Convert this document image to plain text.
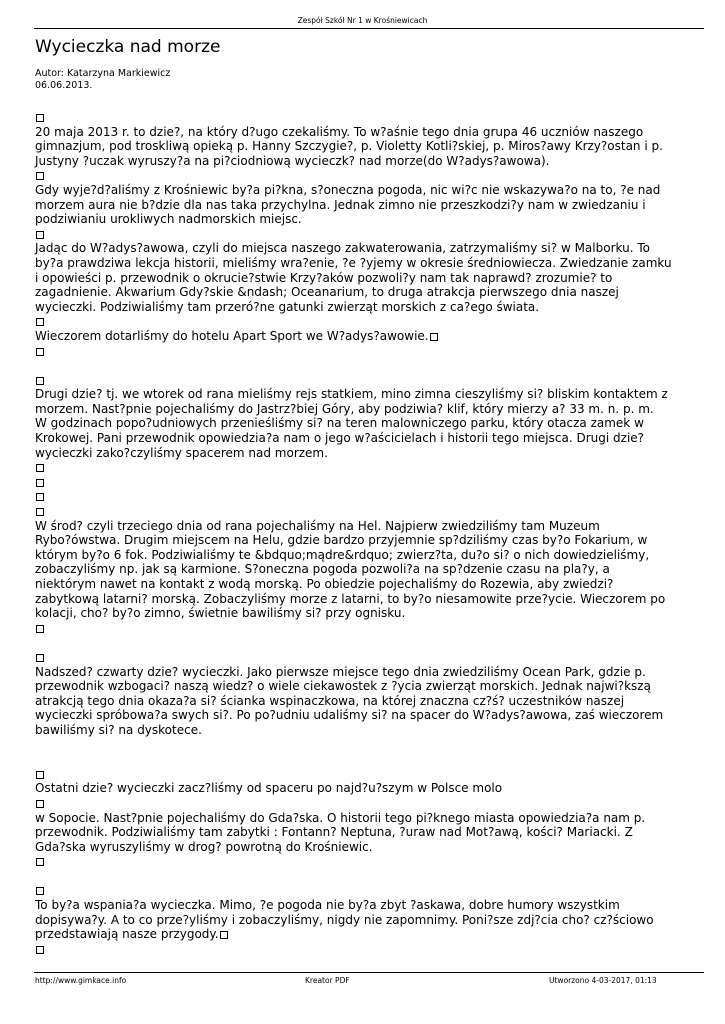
Zespół Szkół Nr 1 w Krośniewicach
Wycieczka nad morze
Autor: Katarzyna Markiewicz
06.06.2013.
20 maja 2013 r. to dzie?, na który d?ugo czekaliśmy. To w?aśnie tego dnia grupa 46 uczniów naszego
gimnazjum, pod troskliwą opieką p. Hanny Szczygie?, p. Violetty Kotli?skiej, p. Miros?awy Krzy?ostan i p.
Justyny ?uczak wyruszy?a na pi?ciodniową wycieczk? nad morze(do W?adys?awowa).
Gdy wyje?d?aliśmy z Krośniewic by?a pi?kna, s?oneczna pogoda, nic wi?c nie wskazywa?o na to, ?e nad
morzem aura nie b?dzie dla nas taka przychylna. Jednak zimno nie przeszkodzi?y nam w zwiedzaniu i
podziwianiu urokliwych nadmorskich miejsc.
Jadąc do W?adys?awowa, czyli do miejsca naszego zakwaterowania, zatrzymaliśmy si? w Malborku. To
by?a prawdziwa lekcja historii, mieliśmy wra?enie, ?e ?yjemy w okresie średniowiecza. Zwiedzanie zamku
i opowieści p. przewodnik o okrucie?stwie Krzy?aków pozwoli?y nam tak naprawd? zrozumie? to
zagadnienie. Akwarium Gdy?skie &ndash; Oceanarium, to druga atrakcja pierwszego dnia naszej
wycieczki. Podziwialiśmy tam przeró?ne gatunki zwierząt morskich z ca?ego świata.
Wieczorem dotarliśmy do hotelu Apart Sport we W?adys?awowie.
Drugi dzie? tj. we wtorek od rana mieliśmy rejs statkiem, mino zimna cieszyliśmy si? bliskim kontaktem z
morzem. Nast?pnie pojechaliśmy do Jastrz?biej Góry, aby podziwia? klif, który mierzy a? 33 m. n. p. m.
W godzinach popo?udniowych przenieśliśmy si? na teren malowniczego parku, który otacza zamek w
Krokowej. Pani przewodnik opowiedzia?a nam o jego w?aścicielach i historii tego miejsca. Drugi dzie?
wycieczki zako?czyliśmy spacerem nad morzem.
W środ? czyli trzeciego dnia od rana pojechaliśmy na Hel. Najpierw zwiedziliśmy tam Muzeum
Rybo?ówstwa. Drugim miejscem na Helu, gdzie bardzo przyjemnie sp?dziliśmy czas by?o Fokarium, w
którym by?o 6 fok. Podziwialiśmy te &bdquo;mądre&rdquo; zwierz?ta, du?o si? o nich dowiedzieliśmy,
zobaczyliśmy np. jak są karmione. S?oneczna pogoda pozwoli?a na sp?dzenie czasu na pla?y, a
niektórym nawet na kontakt z wodą morską. Po obiedzie pojechaliśmy do Rozewia, aby zwiedzi?
zabytkową latarni? morską. Zobaczyliśmy morze z latarni, to by?o niesamowite prze?ycie. Wieczorem po
kolacji, cho? by?o zimno, świetnie bawiliśmy si? przy ognisku.
Nadszed? czwarty dzie? wycieczki. Jako pierwsze miejsce tego dnia zwiedziliśmy Ocean Park, gdzie p.
przewodnik wzbogaci? naszą wiedz? o wiele ciekawostek z ?ycia zwierząt morskich. Jednak najwi?kszą
atrakcją tego dnia okaza?a si? ścianka wspinaczkowa, na której znaczna cz?ś? uczestników naszej
wycieczki spróbowa?a swych si?. Po po?udniu udaliśmy si? na spacer do W?adys?awowa, zaś wieczorem
bawiliśmy si? na dyskotece.
Ostatni dzie? wycieczki zacz?liśmy od spaceru po najd?u?szym w Polsce molo
w Sopocie. Nast?pnie pojechaliśmy do Gda?ska. O historii tego pi?knego miasta opowiedzia?a nam p.
przewodnik. Podziwialiśmy tam zabytki : Fontann? Neptuna, ?uraw nad Mot?awą, kości? Mariacki. Z
Gda?ska wyruszyliśmy w drog? powrotną do Krośniewic.
To by?a wspania?a wycieczka. Mimo, ?e pogoda nie by?a zbyt ?askawa, dobre humory wszystkim
dopisywa?y. A to co prze?yliśmy i zobaczyliśmy, nigdy nie zapomnimy. Poni?sze zdj?cia cho? cz?ściowo
przedstawiają nasze przygody.
http://www.gimkace.info	Kreator PDF	Utworzono 4-03-2017, 01:13
